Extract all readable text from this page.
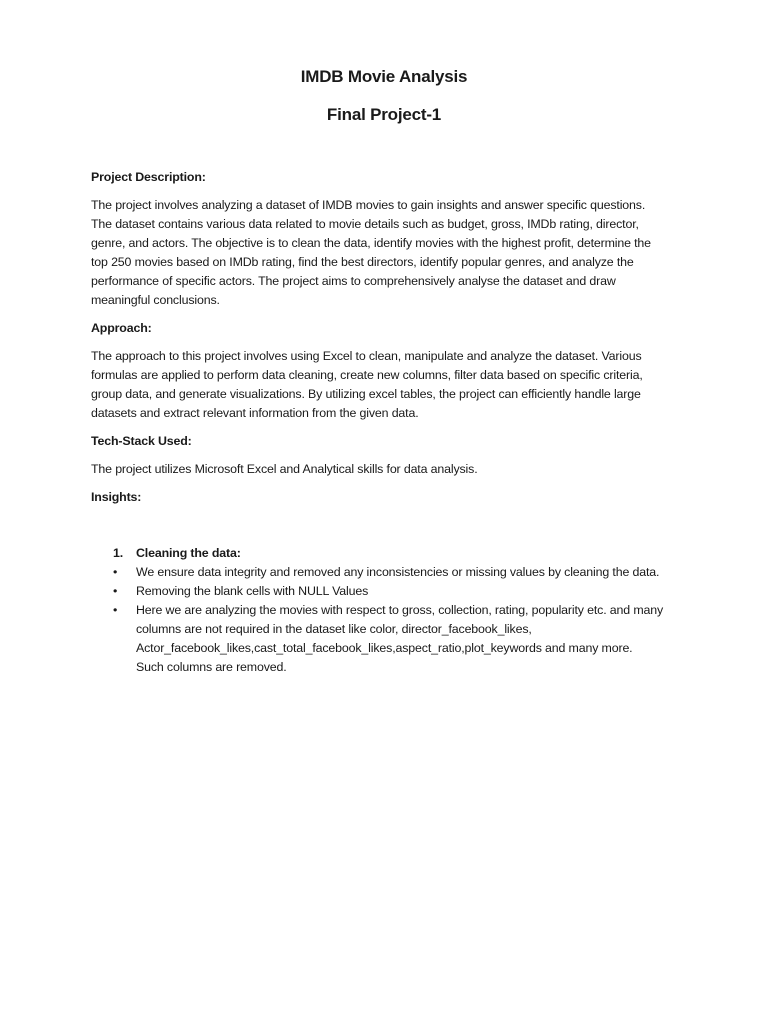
IMDB Movie Analysis
Final Project-1
Project Description:
The project involves analyzing a dataset of IMDB movies to gain insights and answer specific questions. The dataset contains various data related to movie details such as budget, gross, IMDb rating, director, genre, and actors. The objective is to clean the data, identify movies with the highest profit, determine the top 250 movies based on IMDb rating, find the best directors, identify popular genres, and analyze the performance of specific actors. The project aims to comprehensively analyse the dataset and draw meaningful conclusions.
Approach:
The approach to this project involves using Excel to clean, manipulate and analyze the dataset. Various formulas are applied to perform data cleaning, create new columns, filter data based on specific criteria, group data, and generate visualizations. By utilizing excel tables, the project can efficiently handle large datasets and extract relevant information from the given data.
Tech-Stack Used:
The project utilizes Microsoft Excel and Analytical skills for data analysis.
Insights:
1. Cleaning the data:
• We ensure data integrity and removed any inconsistencies or missing values by cleaning the data.
• Removing the blank cells with NULL Values
• Here we are analyzing the movies with respect to gross, collection, rating, popularity etc. and many columns are not required in the dataset like color, director_facebook_likes, Actor_facebook_likes,cast_total_facebook_likes,aspect_ratio,plot_keywords and many more. Such columns are removed.
